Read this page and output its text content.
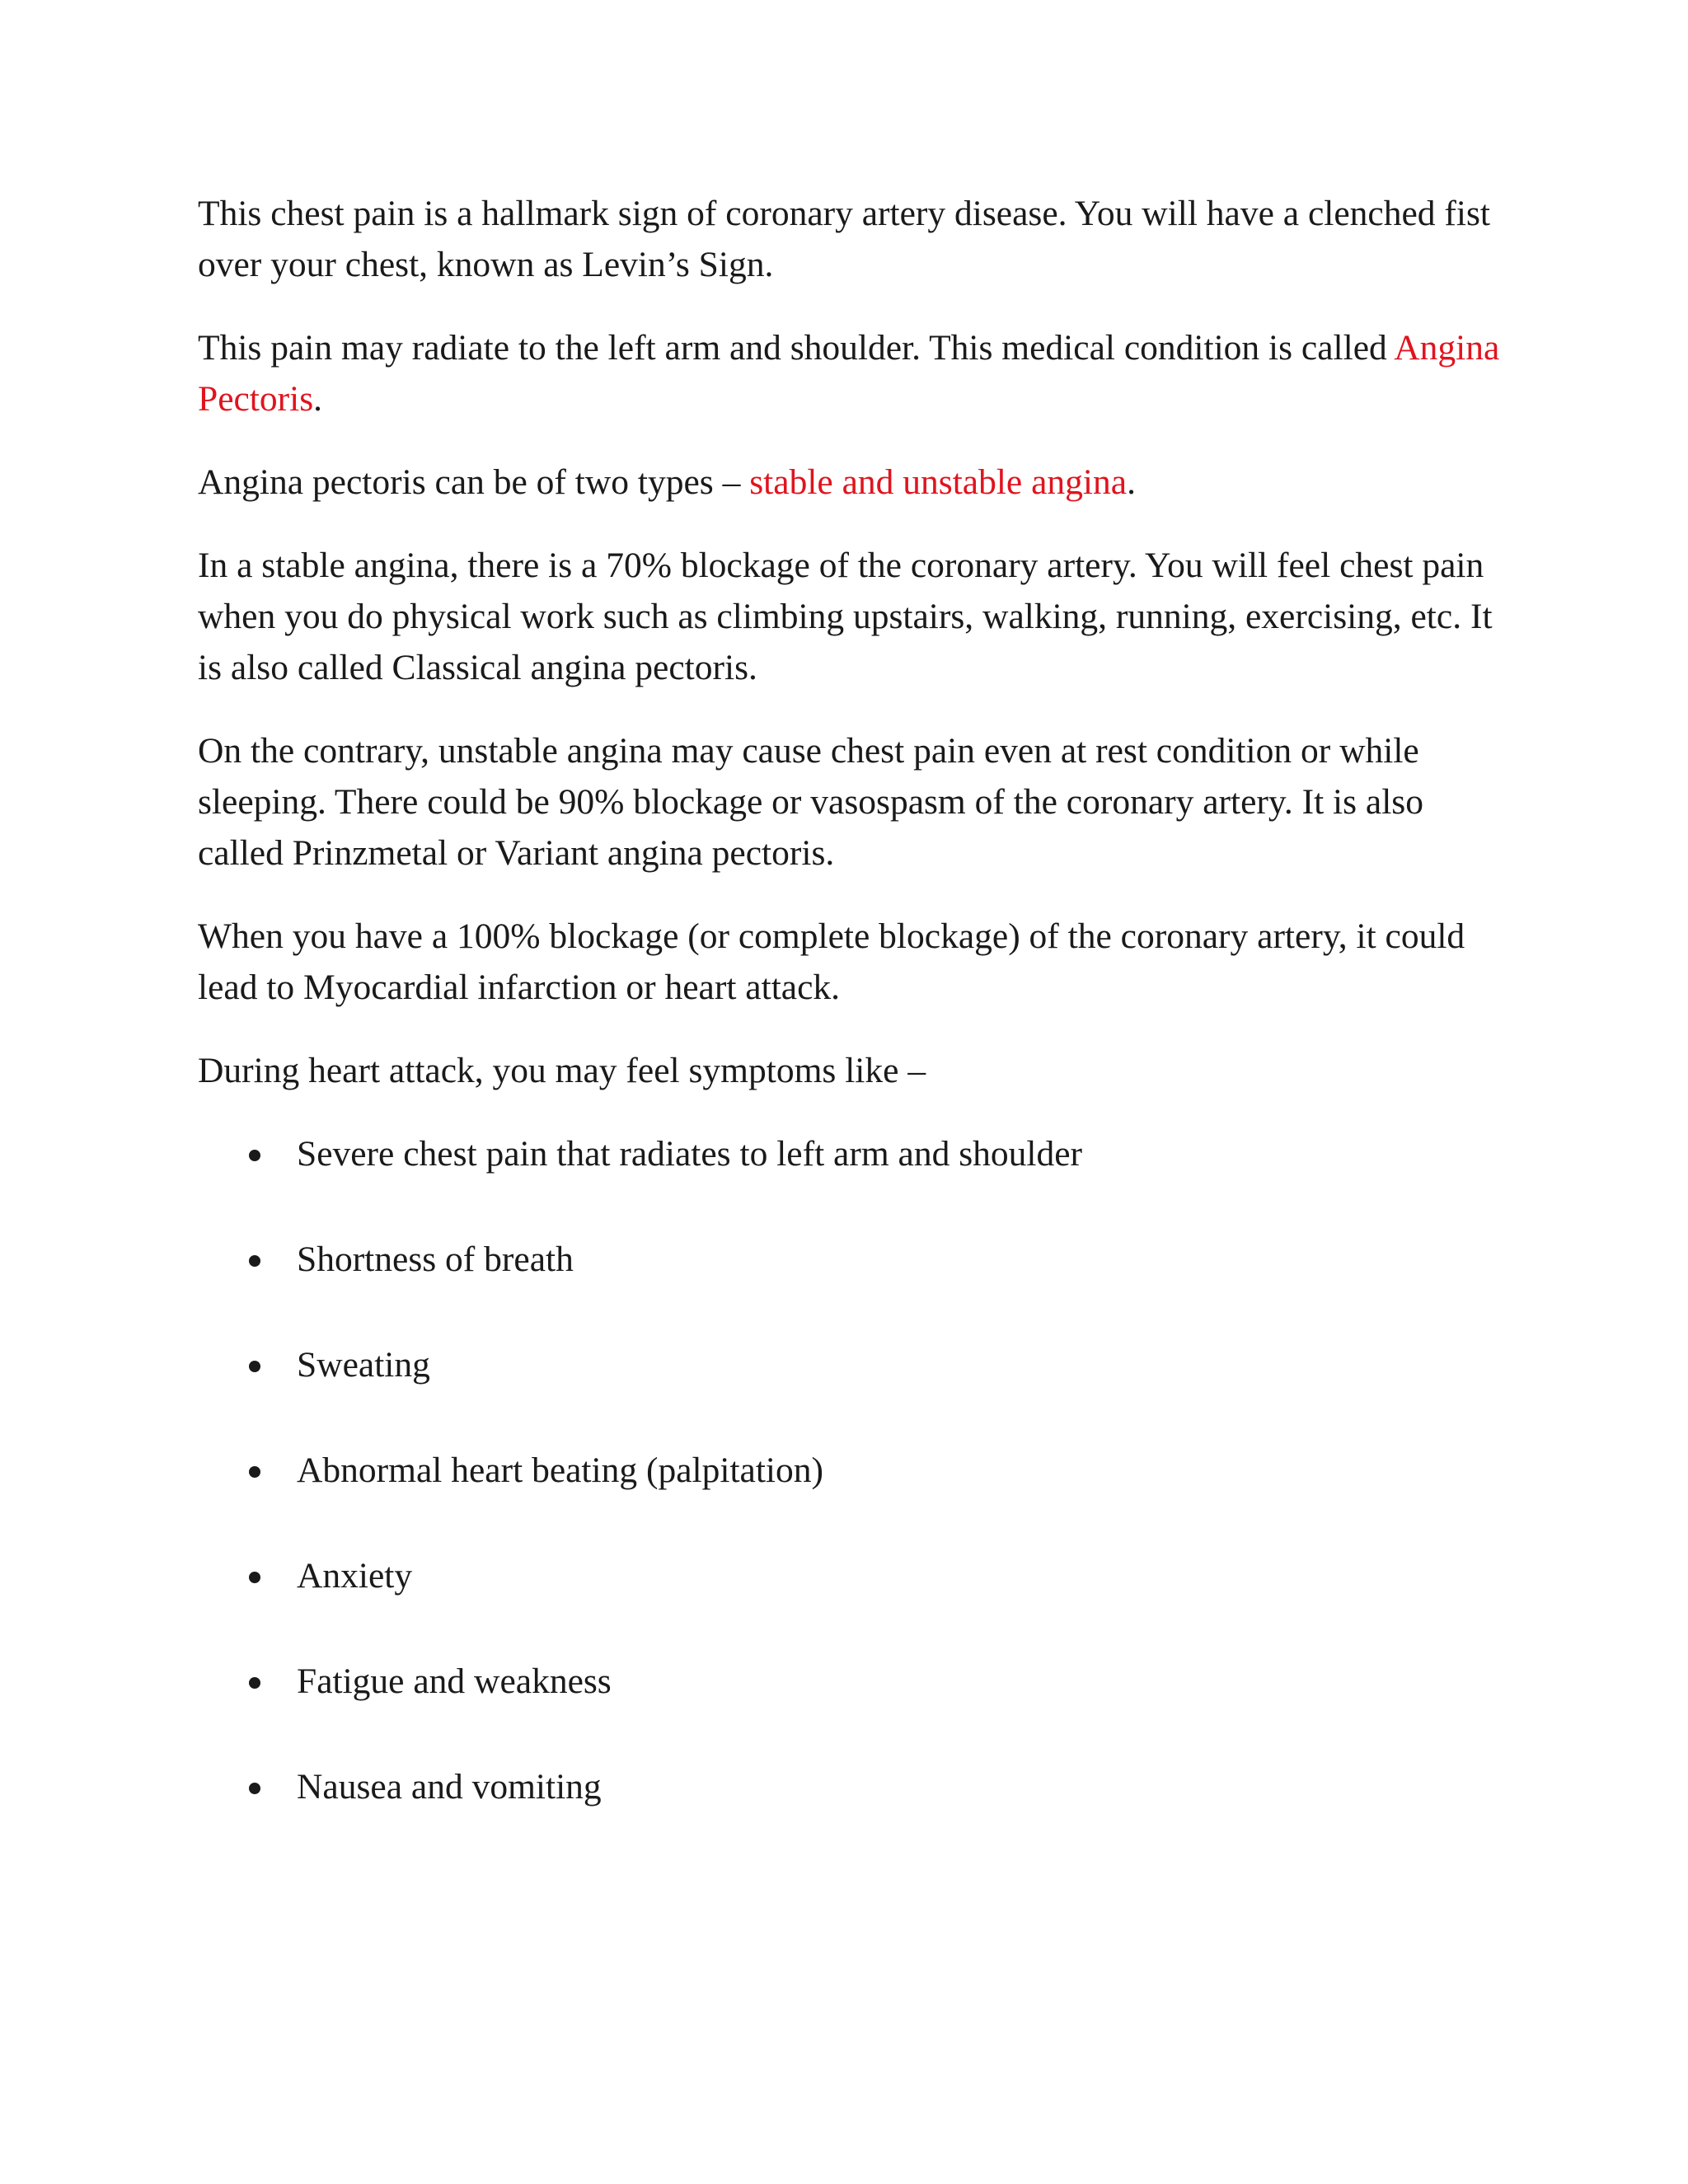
This chest pain is a hallmark sign of coronary artery disease. You will have a clenched fist over your chest, known as Levin’s Sign.

This pain may radiate to the left arm and shoulder. This medical condition is called Angina Pectoris.

Angina pectoris can be of two types – stable and unstable angina.

In a stable angina, there is a 70% blockage of the coronary artery. You will feel chest pain when you do physical work such as climbing upstairs, walking, running, exercising, etc. It is also called Classical angina pectoris.

On the contrary, unstable angina may cause chest pain even at rest condition or while sleeping. There could be 90% blockage or vasospasm of the coronary artery. It is also called Prinzmetal or Variant angina pectoris.

When you have a 100% blockage (or complete blockage) of the coronary artery, it could lead to Myocardial infarction or heart attack.

During heart attack, you may feel symptoms like –

Severe chest pain that radiates to left arm and shoulder
Shortness of breath
Sweating
Abnormal heart beating (palpitation)
Anxiety
Fatigue and weakness
Nausea and vomiting
